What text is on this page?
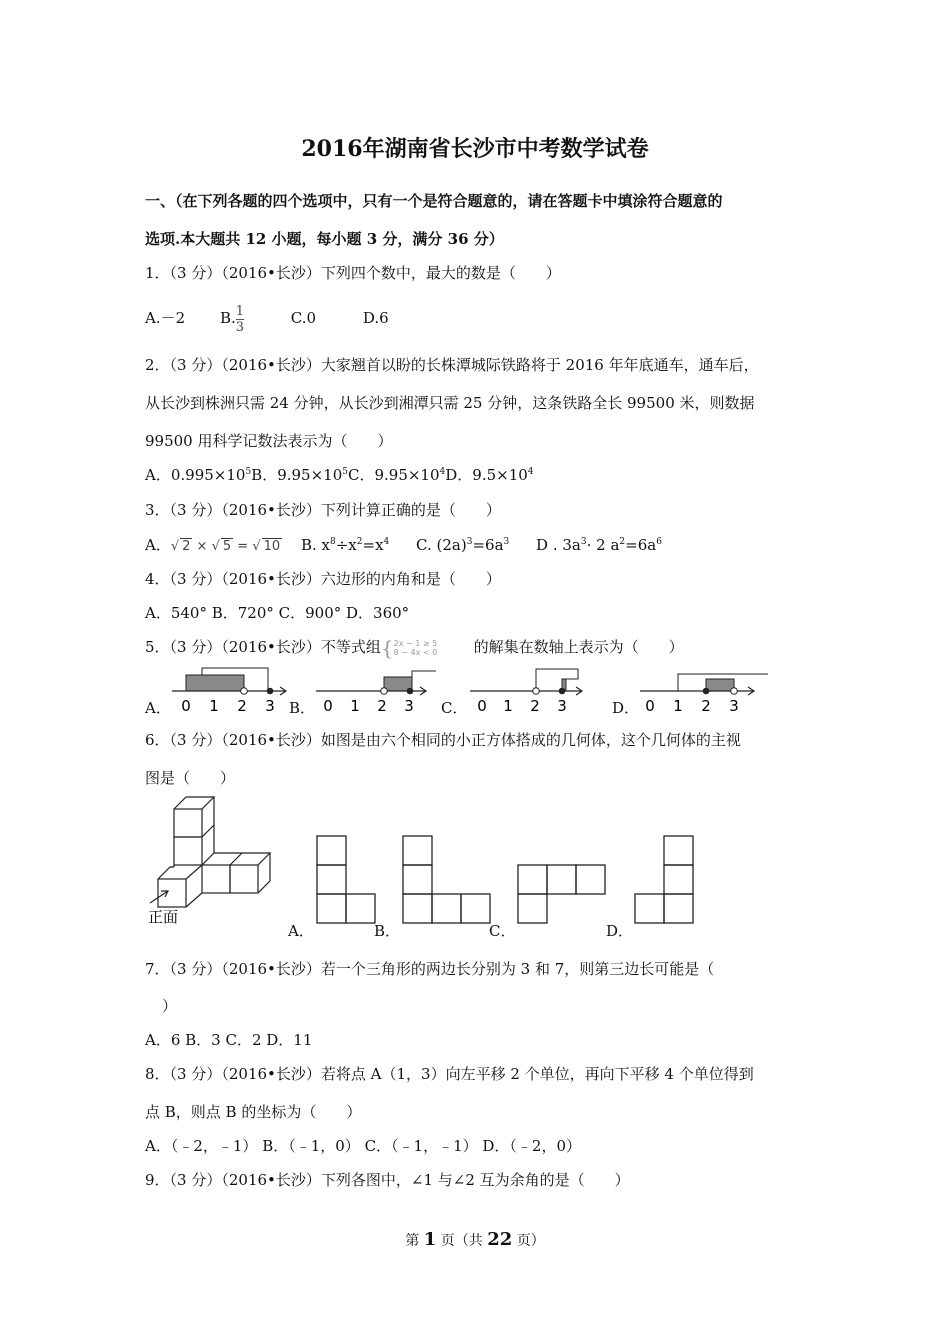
2016年湖南省长沙市中考数学试卷
一、（在下列各题的四个选项中，只有一个是符合题意的，请在答题卡中填涂符合题意的
选项.本大题共 12 小题，每小题 3 分，满分 36 分）
1．（3 分）（2016•长沙）下列四个数中，最大的数是（　　）
A.－2 B. $\frac{1}{3}$	C.0	D.6
2．（3 分）（2016•长沙）大家翘首以盼的长株潭城际铁路将于 2016 年年底通车，通车后，
从长沙到株洲只需 24 分钟，从长沙到湘潭只需 25 分钟，这条铁路全长 99500 米，则数据
99500 用科学记数法表示为（　　）
A．$0.995\times 10^5B$．$9.95\times 10^5C$．$9.95\times 10^4D$．$9.5\times 10^4$
3．（3 分）（2016•长沙）下列计算正确的是（　　）
A．√ 2 × √ 5 = √ 10 B. $x^8\div x^2=x^4$ C. $(2a)^3=6a^3$ D . $3a^3\cdot 2$ $a^2=6a^6$
4．（3 分）（2016•长沙）六边形的内角和是（　　）
A．540° B．720° C．900° D．360°
5．（3 分）（2016•长沙）不等式组{ 2x − 1 ≥ 5
8 − 4x < 0	的解集在数轴上表示为（　　）
A．	B．	C．	D．
0 1 2 3	0 1 2 3	0 1 2 3	0 1 2 3
6．（3 分）（2016•长沙）如图是由六个相同的小正方体搭成的几何体，这个几何体的主视
图是（　　）
正面
A．	B．	C．	D．
7．（3 分）（2016•长沙）若一个三角形的两边长分别为 3 和 7，则第三边长可能是（
）
A．6 B．3 C．2 D．11
8．（3 分）（2016•长沙）若将点 A（1，3）向左平移 2 个单位，再向下平移 4 个单位得到
点 B，则点 B 的坐标为（　　）
A．（﹣2，﹣1） B．（﹣1，0） C．（﹣1，﹣1） D．（﹣2，0）
9．（3 分）（2016•长沙）下列各图中，∠1 与∠2 互为余角的是（　　）
第 1 页（共 22 页）
